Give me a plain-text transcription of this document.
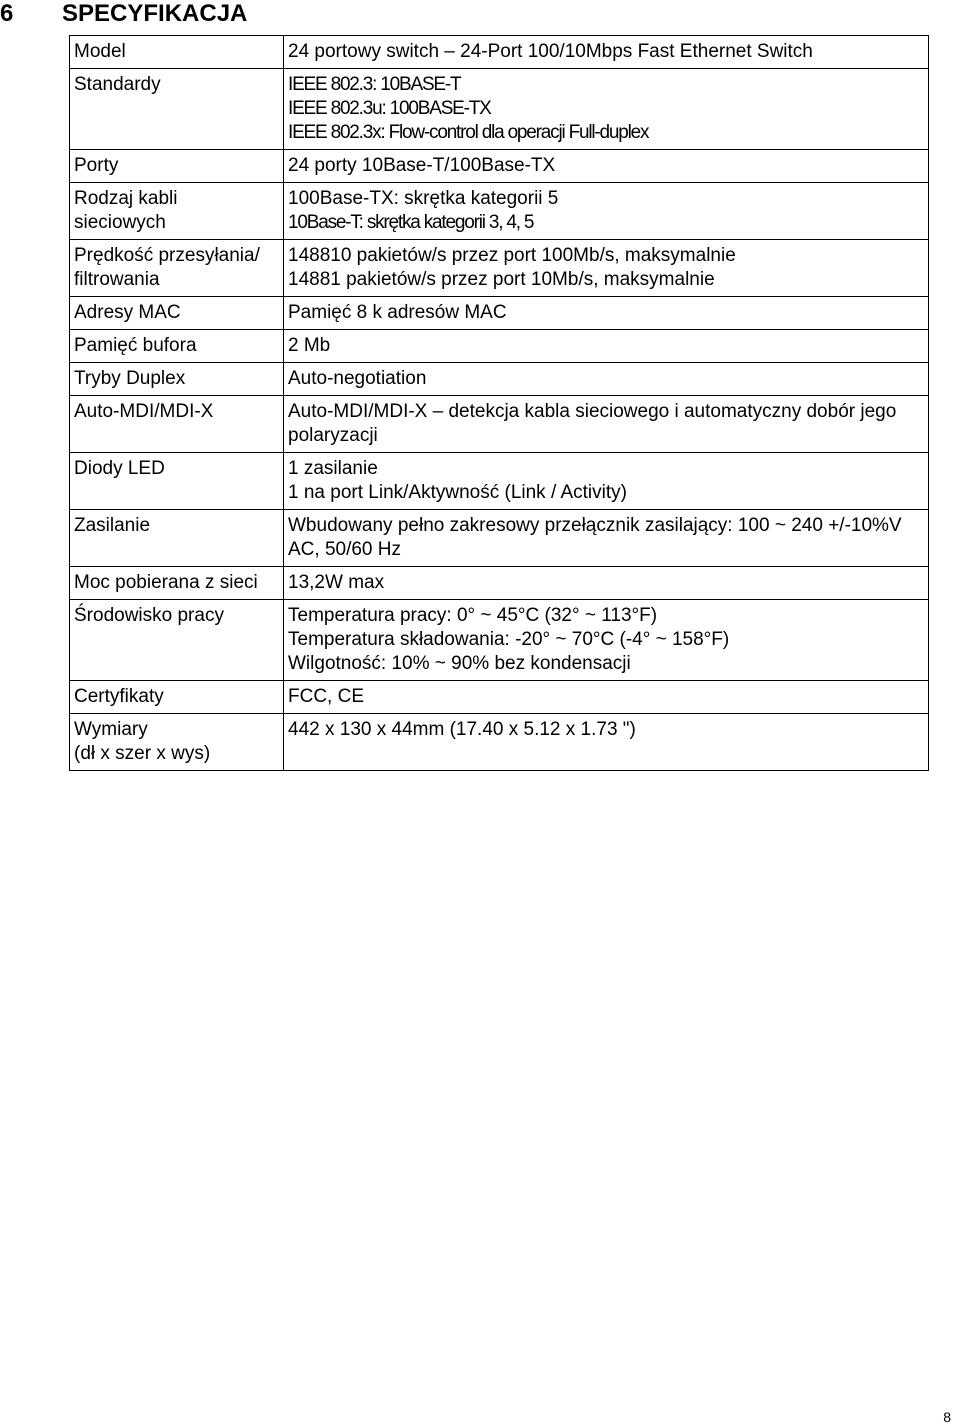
6 SPECYFIKACJA
Model	24 portowy switch – 24-Port 100/10Mbps Fast Ethernet Switch

Standardy	IEEE 802.3: 10BASE-T
IEEE 802.3u: 100BASE-TX
IEEE 802.3x: Flow-control dla operacji Full-duplex

Porty	24 porty 10Base-T/100Base-TX

Rodzaj kabli
sieciowych	100Base-TX: skrętka kategorii 5
10Base-T: skrętka kategorii 3, 4, 5

Prędkość przesyłania/
filtrowania	148810 pakietów/s przez port 100Mb/s, maksymalnie
14881 pakietów/s przez port 10Mb/s, maksymalnie

Adresy MAC	Pamięć 8 k adresów MAC

Pamięć bufora	2 Mb

Tryby Duplex	Auto-negotiation

Auto-MDI/MDI-X	Auto-MDI/MDI-X – detekcja kabla sieciowego i automatyczny dobór jego polaryzacji

Diody LED	1 zasilanie
1 na port Link/Aktywność (Link / Activity)

Zasilanie	Wbudowany pełno zakresowy przełącznik zasilający: 100 ~ 240 +/-10%V AC, 50/60 Hz

Moc pobierana z sieci	13,2W max

Środowisko pracy	Temperatura pracy: 0° ~ 45°C (32° ~ 113°F)
Temperatura składowania: -20° ~ 70°C (-4° ~ 158°F)
Wilgotność: 10% ~ 90% bez kondensacji

Certyfikaty	FCC, CE

Wymiary
(dł x szer x wys)	442 x 130 x 44mm (17.40 x 5.12 x 1.73 ")
8
